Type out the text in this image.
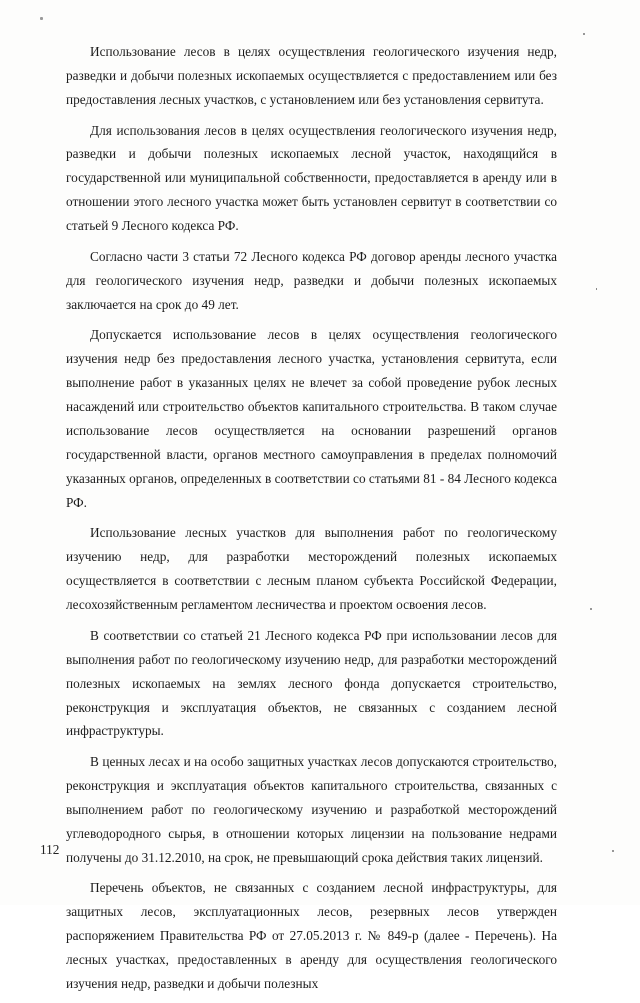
Использование лесов в целях осуществления геологического изучения недр, разведки и добычи полезных ископаемых осуществляется с предоставлением или без предоставления лесных участков, с установлением или без установления сервитута.

Для использования лесов в целях осуществления геологического изучения недр, разведки и добычи полезных ископаемых лесной участок, находящийся в государственной или муниципальной собственности, предоставляется в аренду или в отношении этого лесного участка может быть установлен сервитут в соответствии со статьей 9 Лесного кодекса РФ.

Согласно части 3 статьи 72 Лесного кодекса РФ договор аренды лесного участка для геологического изучения недр, разведки и добычи полезных ископаемых заключается на срок до 49 лет.

Допускается использование лесов в целях осуществления геологического изучения недр без предоставления лесного участка, установления сервитута, если выполнение работ в указанных целях не влечет за собой проведение рубок лесных насаждений или строительство объектов капитального строительства. В таком случае использование лесов осуществляется на основании разрешений органов государственной власти, органов местного самоуправления в пределах полномочий указанных органов, определенных в соответствии со статьями 81 - 84 Лесного кодекса РФ.

Использование лесных участков для выполнения работ по геологическому изучению недр, для разработки месторождений полезных ископаемых осуществляется в соответствии с лесным планом субъекта Российской Федерации, лесохозяйственным регламентом лесничества и проектом освоения лесов.

В соответствии со статьей 21 Лесного кодекса РФ при использовании лесов для выполнения работ по геологическому изучению недр, для разработки месторождений полезных ископаемых на землях лесного фонда допускается строительство, реконструкция и эксплуатация объектов, не связанных с созданием лесной инфраструктуры.

В ценных лесах и на особо защитных участках лесов допускаются строительство, реконструкция и эксплуатация объектов капитального строительства, связанных с выполнением работ по геологическому изучению и разработкой месторождений углеводородного сырья, в отношении которых лицензии на пользование недрами получены до 31.12.2010, на срок, не превышающий срока действия таких лицензий.

Перечень объектов, не связанных с созданием лесной инфраструктуры, для защитных лесов, эксплуатационных лесов, резервных лесов утвержден распоряжением Правительства РФ от 27.05.2013 г. № 849-р (далее - Перечень). На лесных участках, предоставленных в аренду для осуществления геологического изучения недр, разведки и добычи полезных

112
